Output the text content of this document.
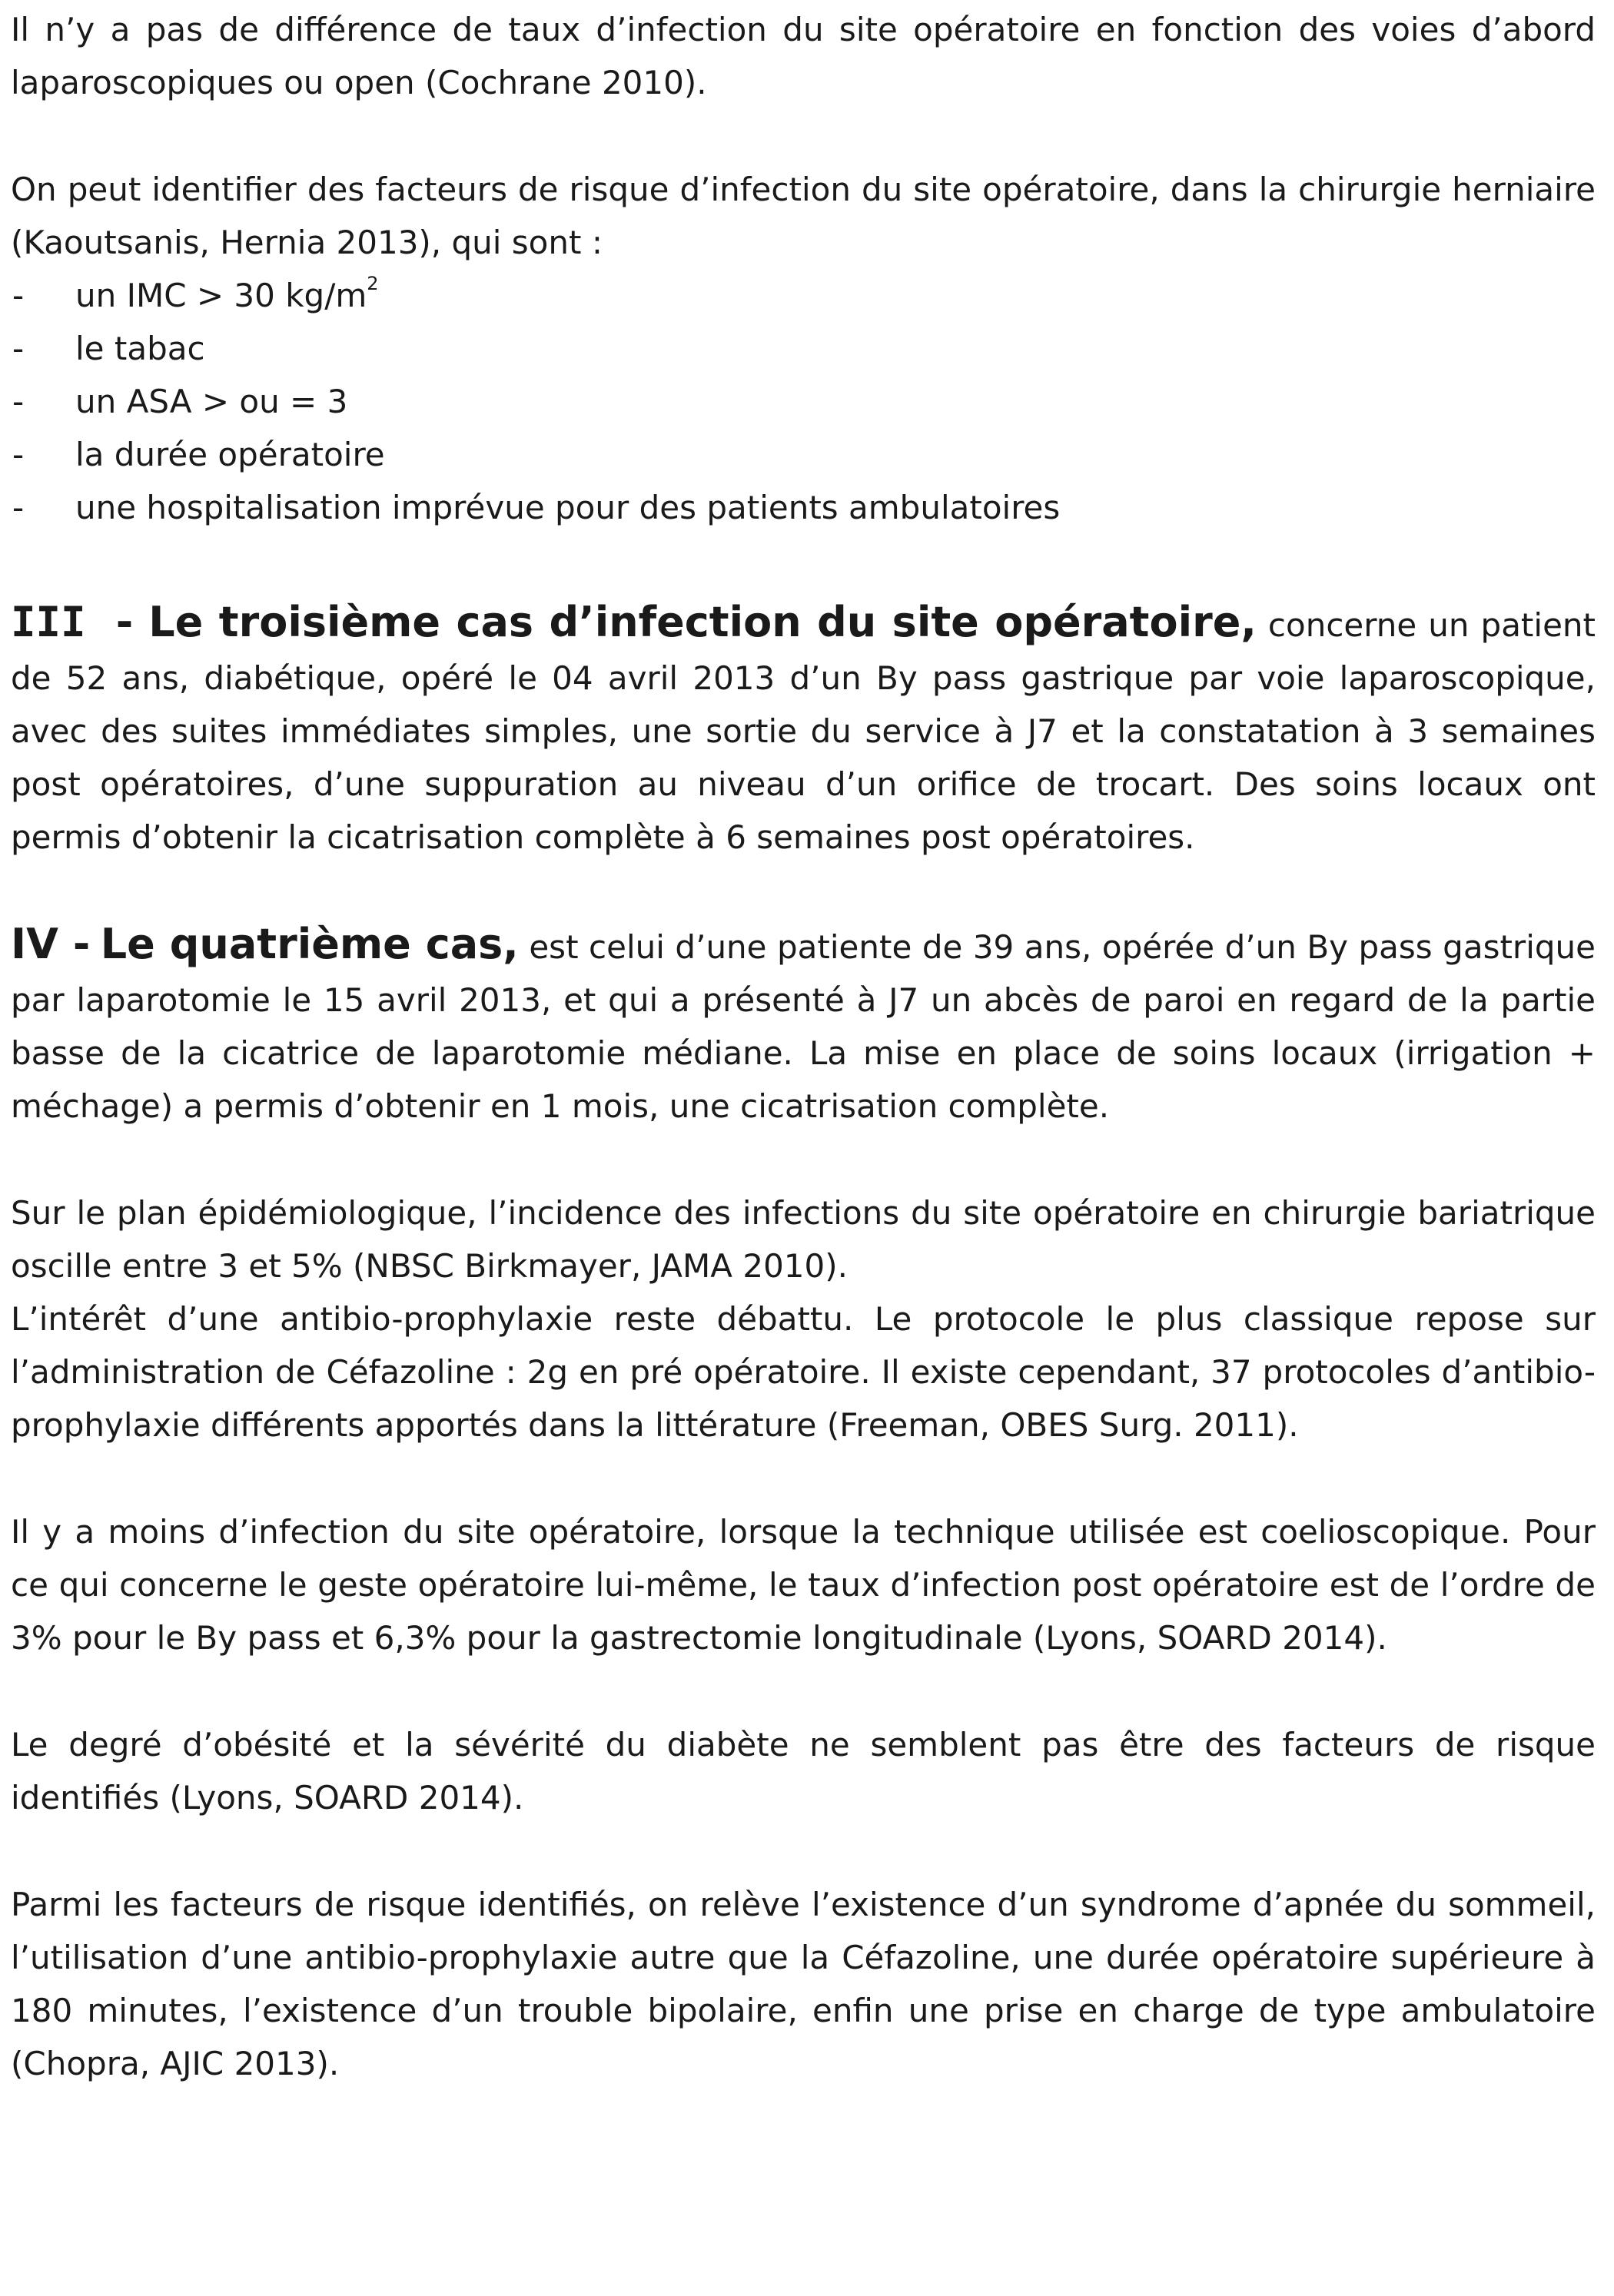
Il n’y a pas de différence de taux d’infection du site opératoire en fonction des voies d’abord laparoscopiques ou open (Cochrane 2010).

On peut identifier des facteurs de risque d’infection du site opératoire, dans la chirurgie herniaire (Kaoutsanis, Hernia 2013), qui sont :

- un IMC > 30 $kg/m^2$
- le tabac
- un ASA > ou = 3
- la durée opératoire
- une hospitalisation imprévue pour des patients ambulatoires

III - Le troisième cas d’infection du site opératoire, concerne un patient de 52 ans, diabétique, opéré le 04 avril 2013 d’un By pass gastrique par voie laparoscopique, avec des suites immédiates simples, une sortie du service à J7 et la constatation à 3 semaines post opératoires, d’une suppuration au niveau d’un orifice de trocart. Des soins locaux ont permis d’obtenir la cicatrisation complète à 6 semaines post opératoires.

IV - Le quatrième cas, est celui d’une patiente de 39 ans, opérée d’un By pass gastrique par laparotomie le 15 avril 2013, et qui a présenté à J7 un abcès de paroi en regard de la partie basse de la cicatrice de laparotomie médiane. La mise en place de soins locaux (irrigation + méchage) a permis d’obtenir en 1 mois, une cicatrisation complète.

Sur le plan épidémiologique, l’incidence des infections du site opératoire en chirurgie bariatrique oscille entre 3 et 5% (NBSC Birkmayer, JAMA 2010).

L’intérêt d’une antibio-prophylaxie reste débattu. Le protocole le plus classique repose sur l’administration de Céfazoline : 2g en pré opératoire. Il existe cependant, 37 protocoles d’antibio-prophylaxie différents apportés dans la littérature (Freeman, OBES Surg. 2011).

Il y a moins d’infection du site opératoire, lorsque la technique utilisée est coelioscopique. Pour ce qui concerne le geste opératoire lui-même, le taux d’infection post opératoire est de l’ordre de 3% pour le By pass et 6,3% pour la gastrectomie longitudinale (Lyons, SOARD 2014).

Le degré d’obésité et la sévérité du diabète ne semblent pas être des facteurs de risque identifiés (Lyons, SOARD 2014).

Parmi les facteurs de risque identifiés, on relève l’existence d’un syndrome d’apnée du sommeil, l’utilisation d’une antibio-prophylaxie autre que la Céfazoline, une durée opératoire supérieure à 180 minutes, l’existence d’un trouble bipolaire, enfin une prise en charge de type ambulatoire (Chopra, AJIC 2013).
